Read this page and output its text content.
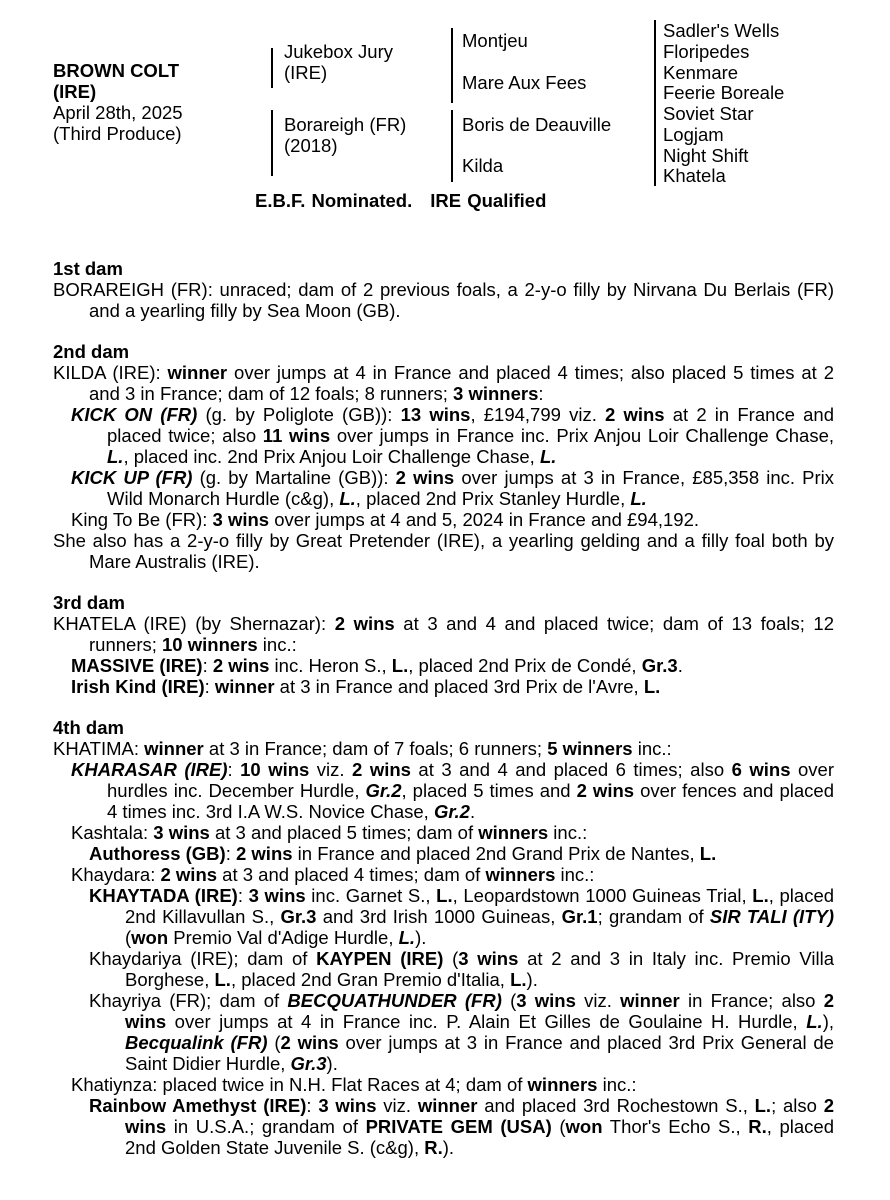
BROWN COLT
(IRE)
April 28th, 2025
(Third Produce)
Jukebox Jury (IRE)
Borareigh (FR) (2018)
Montjeu
Mare Aux Fees
Boris de Deauville
Kilda
Sadler's Wells
Floripedes
Kenmare
Feerie Boreale
Soviet Star
Logjam
Night Shift
Khatela
E.B.F. Nominated. IRE Qualified
1st dam
BORAREIGH (FR): unraced; dam of 2 previous foals, a 2-y-o filly by Nirvana Du Berlais (FR) and a yearling filly by Sea Moon (GB).
2nd dam
KILDA (IRE): winner over jumps at 4 in France and placed 4 times; also placed 5 times at 2 and 3 in France; dam of 12 foals; 8 runners; 3 winners:
KICK ON (FR) (g. by Poliglote (GB)): 13 wins, £194,799 viz. 2 wins at 2 in France and placed twice; also 11 wins over jumps in France inc. Prix Anjou Loir Challenge Chase, L., placed inc. 2nd Prix Anjou Loir Challenge Chase, L.
KICK UP (FR) (g. by Martaline (GB)): 2 wins over jumps at 3 in France, £85,358 inc. Prix Wild Monarch Hurdle (c&g), L., placed 2nd Prix Stanley Hurdle, L.
King To Be (FR): 3 wins over jumps at 4 and 5, 2024 in France and £94,192.
She also has a 2-y-o filly by Great Pretender (IRE), a yearling gelding and a filly foal both by Mare Australis (IRE).
3rd dam
KHATELA (IRE) (by Shernazar): 2 wins at 3 and 4 and placed twice; dam of 13 foals; 12 runners; 10 winners inc.:
MASSIVE (IRE): 2 wins inc. Heron S., L., placed 2nd Prix de Condé, Gr.3.
Irish Kind (IRE): winner at 3 in France and placed 3rd Prix de l'Avre, L.
4th dam
KHATIMA: winner at 3 in France; dam of 7 foals; 6 runners; 5 winners inc.:
KHARASAR (IRE): 10 wins viz. 2 wins at 3 and 4 and placed 6 times; also 6 wins over hurdles inc. December Hurdle, Gr.2, placed 5 times and 2 wins over fences and placed 4 times inc. 3rd I.A W.S. Novice Chase, Gr.2.
Kashtala: 3 wins at 3 and placed 5 times; dam of winners inc.:
Authoress (GB): 2 wins in France and placed 2nd Grand Prix de Nantes, L.
Khaydara: 2 wins at 3 and placed 4 times; dam of winners inc.:
KHAYTADA (IRE): 3 wins inc. Garnet S., L., Leopardstown 1000 Guineas Trial, L., placed 2nd Killavullan S., Gr.3 and 3rd Irish 1000 Guineas, Gr.1; grandam of SIR TALI (ITY) (won Premio Val d'Adige Hurdle, L.).
Khaydariya (IRE); dam of KAYPEN (IRE) (3 wins at 2 and 3 in Italy inc. Premio Villa Borghese, L., placed 2nd Gran Premio d'Italia, L.).
Khayriya (FR); dam of BECQUATHUNDER (FR) (3 wins viz. winner in France; also 2 wins over jumps at 4 in France inc. P. Alain Et Gilles de Goulaine H. Hurdle, L.), Becqualink (FR) (2 wins over jumps at 3 in France and placed 3rd Prix General de Saint Didier Hurdle, Gr.3).
Khatiynza: placed twice in N.H. Flat Races at 4; dam of winners inc.:
Rainbow Amethyst (IRE): 3 wins viz. winner and placed 3rd Rochestown S., L.; also 2 wins in U.S.A.; grandam of PRIVATE GEM (USA) (won Thor's Echo S., R., placed 2nd Golden State Juvenile S. (c&g), R.).
